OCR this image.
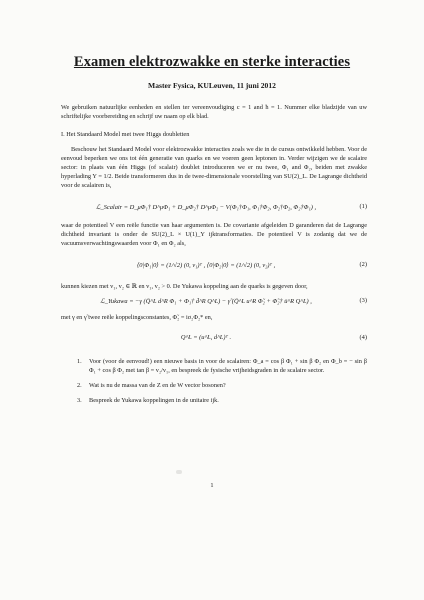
Examen elektrozwakke en sterke interacties
Master Fysica, KULeuven, 11 juni 2012
We gebruiken natuurlijke eenheden en stellen ter vereenvoudiging c = 1 and ħ = 1. Nummer elke bladzijde van uw schriftelijke voorbereiding en schrijf uw naam op elk blad.
I. Het Standaard Model met twee Higgs doubletten
Beschouw het Standaard Model voor elektrozwakke interacties zoals we die in de cursus ontwikkeld hebben. Voor de eenvoud beperken we ons tot één generatie van quarks en we voeren geen leptonen in. Verder wijzigen we de scalaire sector: in plaats van één Higgs (of scalair) doublet introduceren we er nu twee, Φ₁ and Φ₂, beiden met zwakke hyperlading Y = 1/2. Beide transformeren dus in de twee-dimensionale voorstelling van SU(2)_L. De Lagrange dichtheid voor de scalairen is,
ℒ_Scalair = D_μΦ₁† D^μΦ₁ + D_μΦ₂† D^μΦ₂ − V(Φ₁†Φ₁, Φ₁†Φ₂, Φ₂†Φ₂, Φ₂†Φ₁) ,	(1)
waar de potentieel V een reële functie van haar argumenten is. De covariante afgeleiden D garanderen dat de Lagrange dichtheid invariant is onder de SU(2)_L × U(1)_Y ijktransformaties. De potentieel V is zodanig dat we de vacuumsverwachtingswaarden voor Φ₁ en Φ₂ als,
⟨0|Φ₁|0⟩ = (1/√2) (0, v₁)ᵀ , ⟨0|Φ₂|0⟩ = (1/√2) (0, v₂)ᵀ ,	(2)
kunnen kiezen met v₁, v₂ ∈ ℝ en v₁, v₂ > 0. De Yukawa koppeling aan de quarks is gegeven door,
ℒ_Yukawa = −γ (Q̄^L d^R Φ₁ + Φ₁† d̄^R Q^L) − γ̃ (Q̄^L u^R Φ̃₂ + Φ̃₂† ū^R Q^L) ,	(3)
met γ en γ̃ twee reële koppelingsconstantes, Φ̃₂ = iσ₂Φ₂* en,
Q^L = (u^L, d^L)ᵀ .	(4)
1. Voor (voor de eenvoud!) een nieuwe basis in voor de scalairen: Φ_a = cos β Φ₁ + sin β Φ₂ en Φ_b = − sin β Φ₁ + cos β Φ₂ met tan β = v₂/v₁, en bespreek de fysische vrijheidsgraden in de scalaire sector.
2. Wat is nu de massa van de Z en de W vector bosonen?
3. Bespreek de Yukawa koppelingen in de unitaire ijk.
1
